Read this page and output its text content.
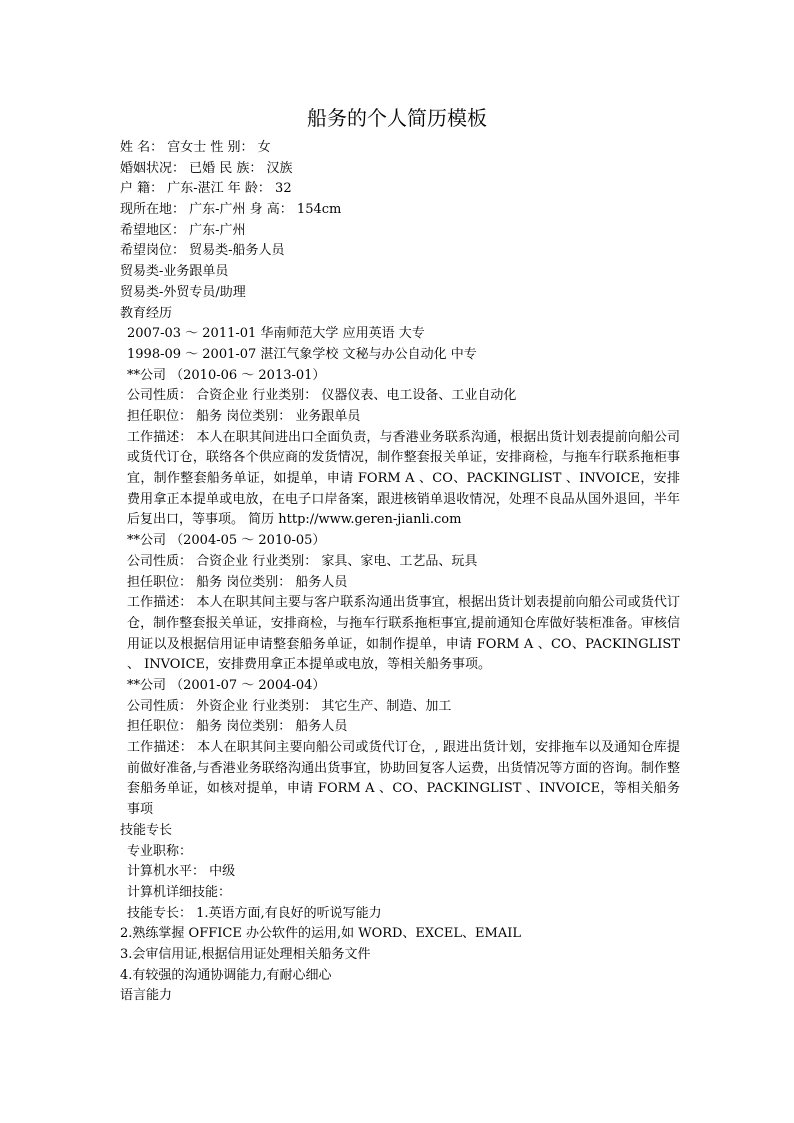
船务的个人简历模板
姓 名： 宫女士 性 别： 女
婚姻状况： 已婚 民 族： 汉族
户 籍： 广东-湛江 年 龄： 32
现所在地： 广东-广州 身 高： 154cm
希望地区： 广东-广州
希望岗位： 贸易类-船务人员
贸易类-业务跟单员
贸易类-外贸专员/助理
教育经历
2007-03 ～ 2011-01 华南师范大学 应用英语 大专
1998-09 ～ 2001-07 湛江气象学校 文秘与办公自动化 中专
**公司 （2010-06 ～ 2013-01）
公司性质： 合资企业 行业类别： 仪器仪表、电工设备、工业自动化
担任职位： 船务 岗位类别： 业务跟单员
工作描述： 本人在职其间进出口全面负责，与香港业务联系沟通，根据出货计划表提前向船公司或货代订仓，联络各个供应商的发货情况，制作整套报关单证，安排商检，与拖车行联系拖柜事宜，制作整套船务单证，如提单，申请 FORM A 、CO、PACKINGLIST 、INVOICE，安排费用拿正本提单或电放，在电子口岸备案，跟进核销单退收情况，处理不良品从国外退回，半年后复出口，等事项。 简历 http://www.geren-jianli.com
**公司 （2004-05 ～ 2010-05）
公司性质： 合资企业 行业类别： 家具、家电、工艺品、玩具
担任职位： 船务 岗位类别： 船务人员
工作描述： 本人在职其间主要与客户联系沟通出货事宜，根据出货计划表提前向船公司或货代订仓，制作整套报关单证，安排商检，与拖车行联系拖柜事宜,提前通知仓库做好装柜准备。审核信用证以及根据信用证申请整套船务单证，如制作提单，申请 FORM A 、CO、PACKINGLIST 、 INVOICE，安排费用拿正本提单或电放，等相关船务事项。
**公司 （2001-07 ～ 2004-04）
公司性质： 外资企业 行业类别： 其它生产、制造、加工
担任职位： 船务 岗位类别： 船务人员
工作描述： 本人在职其间主要向船公司或货代订仓，, 跟进出货计划，安排拖车以及通知仓库提前做好准备,与香港业务联络沟通出货事宜，协助回复客人运费，出货情况等方面的咨询。制作整套船务单证，如核对提单，申请 FORM A 、CO、PACKINGLIST 、INVOICE，等相关船务事项
技能专长
专业职称：
计算机水平： 中级
计算机详细技能：
技能专长： 1.英语方面,有良好的听说写能力
2.熟练掌握 OFFICE 办公软件的运用,如 WORD、EXCEL、EMAIL
3.会审信用证,根据信用证处理相关船务文件
4.有较强的沟通协调能力,有耐心细心
语言能力
